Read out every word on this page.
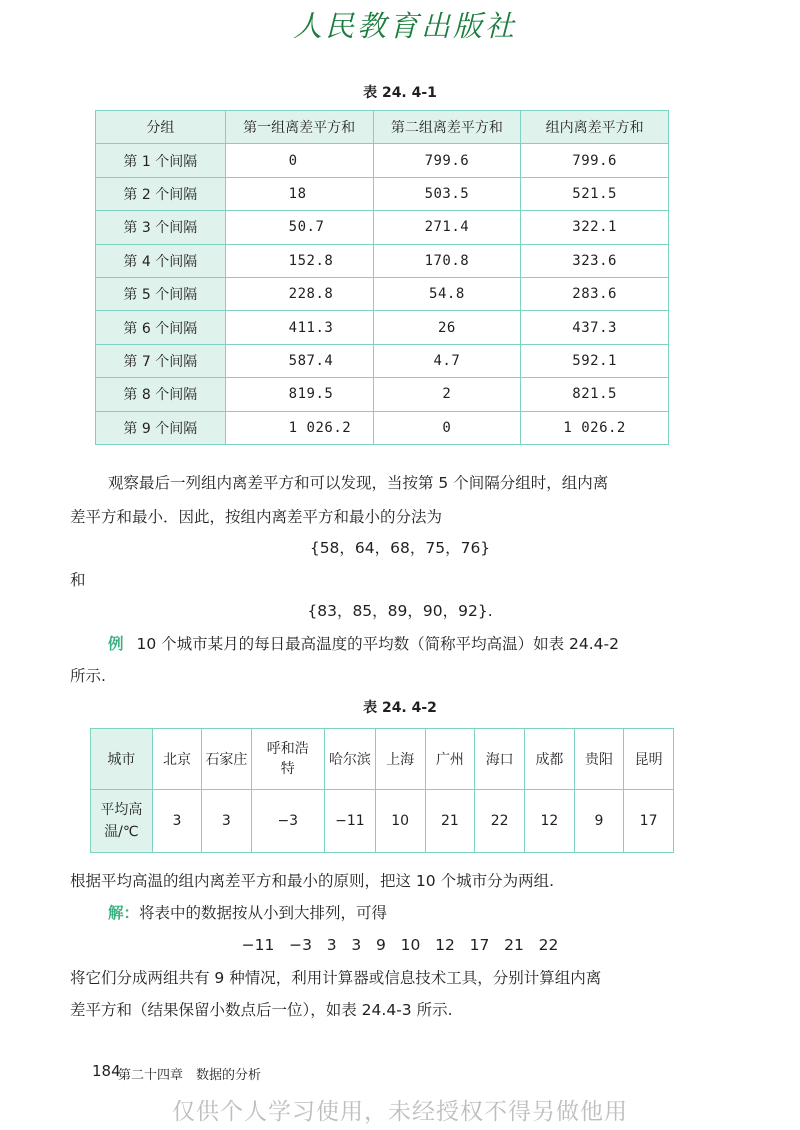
人民教育出版社
表 24. 4-1
分组	第一组离差平方和	第二组离差平方和	组内离差平方和
第 1 个间隔	0	799.6	799.6
第 2 个间隔	18	503.5	521.5
第 3 个间隔	50.7	271.4	322.1
第 4 个间隔	152.8	170.8	323.6
第 5 个间隔	228.8	54.8	283.6
第 6 个间隔	411.3	26	437.3
第 7 个间隔	587.4	4.7	592.1
第 8 个间隔	819.5	2	821.5
第 9 个间隔	1 026.2	0	1 026.2
观察最后一列组内离差平方和可以发现，当按第 5 个间隔分组时，组内离
差平方和最小．因此，按组内离差平方和最小的分法为
{58，64，68，75，76}
和
{83，85，89，90，92}.
例 10 个城市某月的每日最高温度的平均数（简称平均高温）如表 24.4-2
所示.
表 24. 4-2
城市	北京	石家庄	呼和浩特	哈尔滨	上海	广州	海口	成都	贵阳	昆明
平均高温/℃	3	3	−3	−11	10	21	22	12	9	17
根据平均高温的组内离差平方和最小的原则，把这 10 个城市分为两组.
解：将表中的数据按从小到大排列，可得
−11   −3   3   3   9   10   12   17   21   22
将它们分成两组共有 9 种情况，利用计算器或信息技术工具，分别计算组内离
差平方和（结果保留小数点后一位），如表 24.4-3 所示.
184
第二十四章　数据的分析
仅供个人学习使用，未经授权不得另做他用
